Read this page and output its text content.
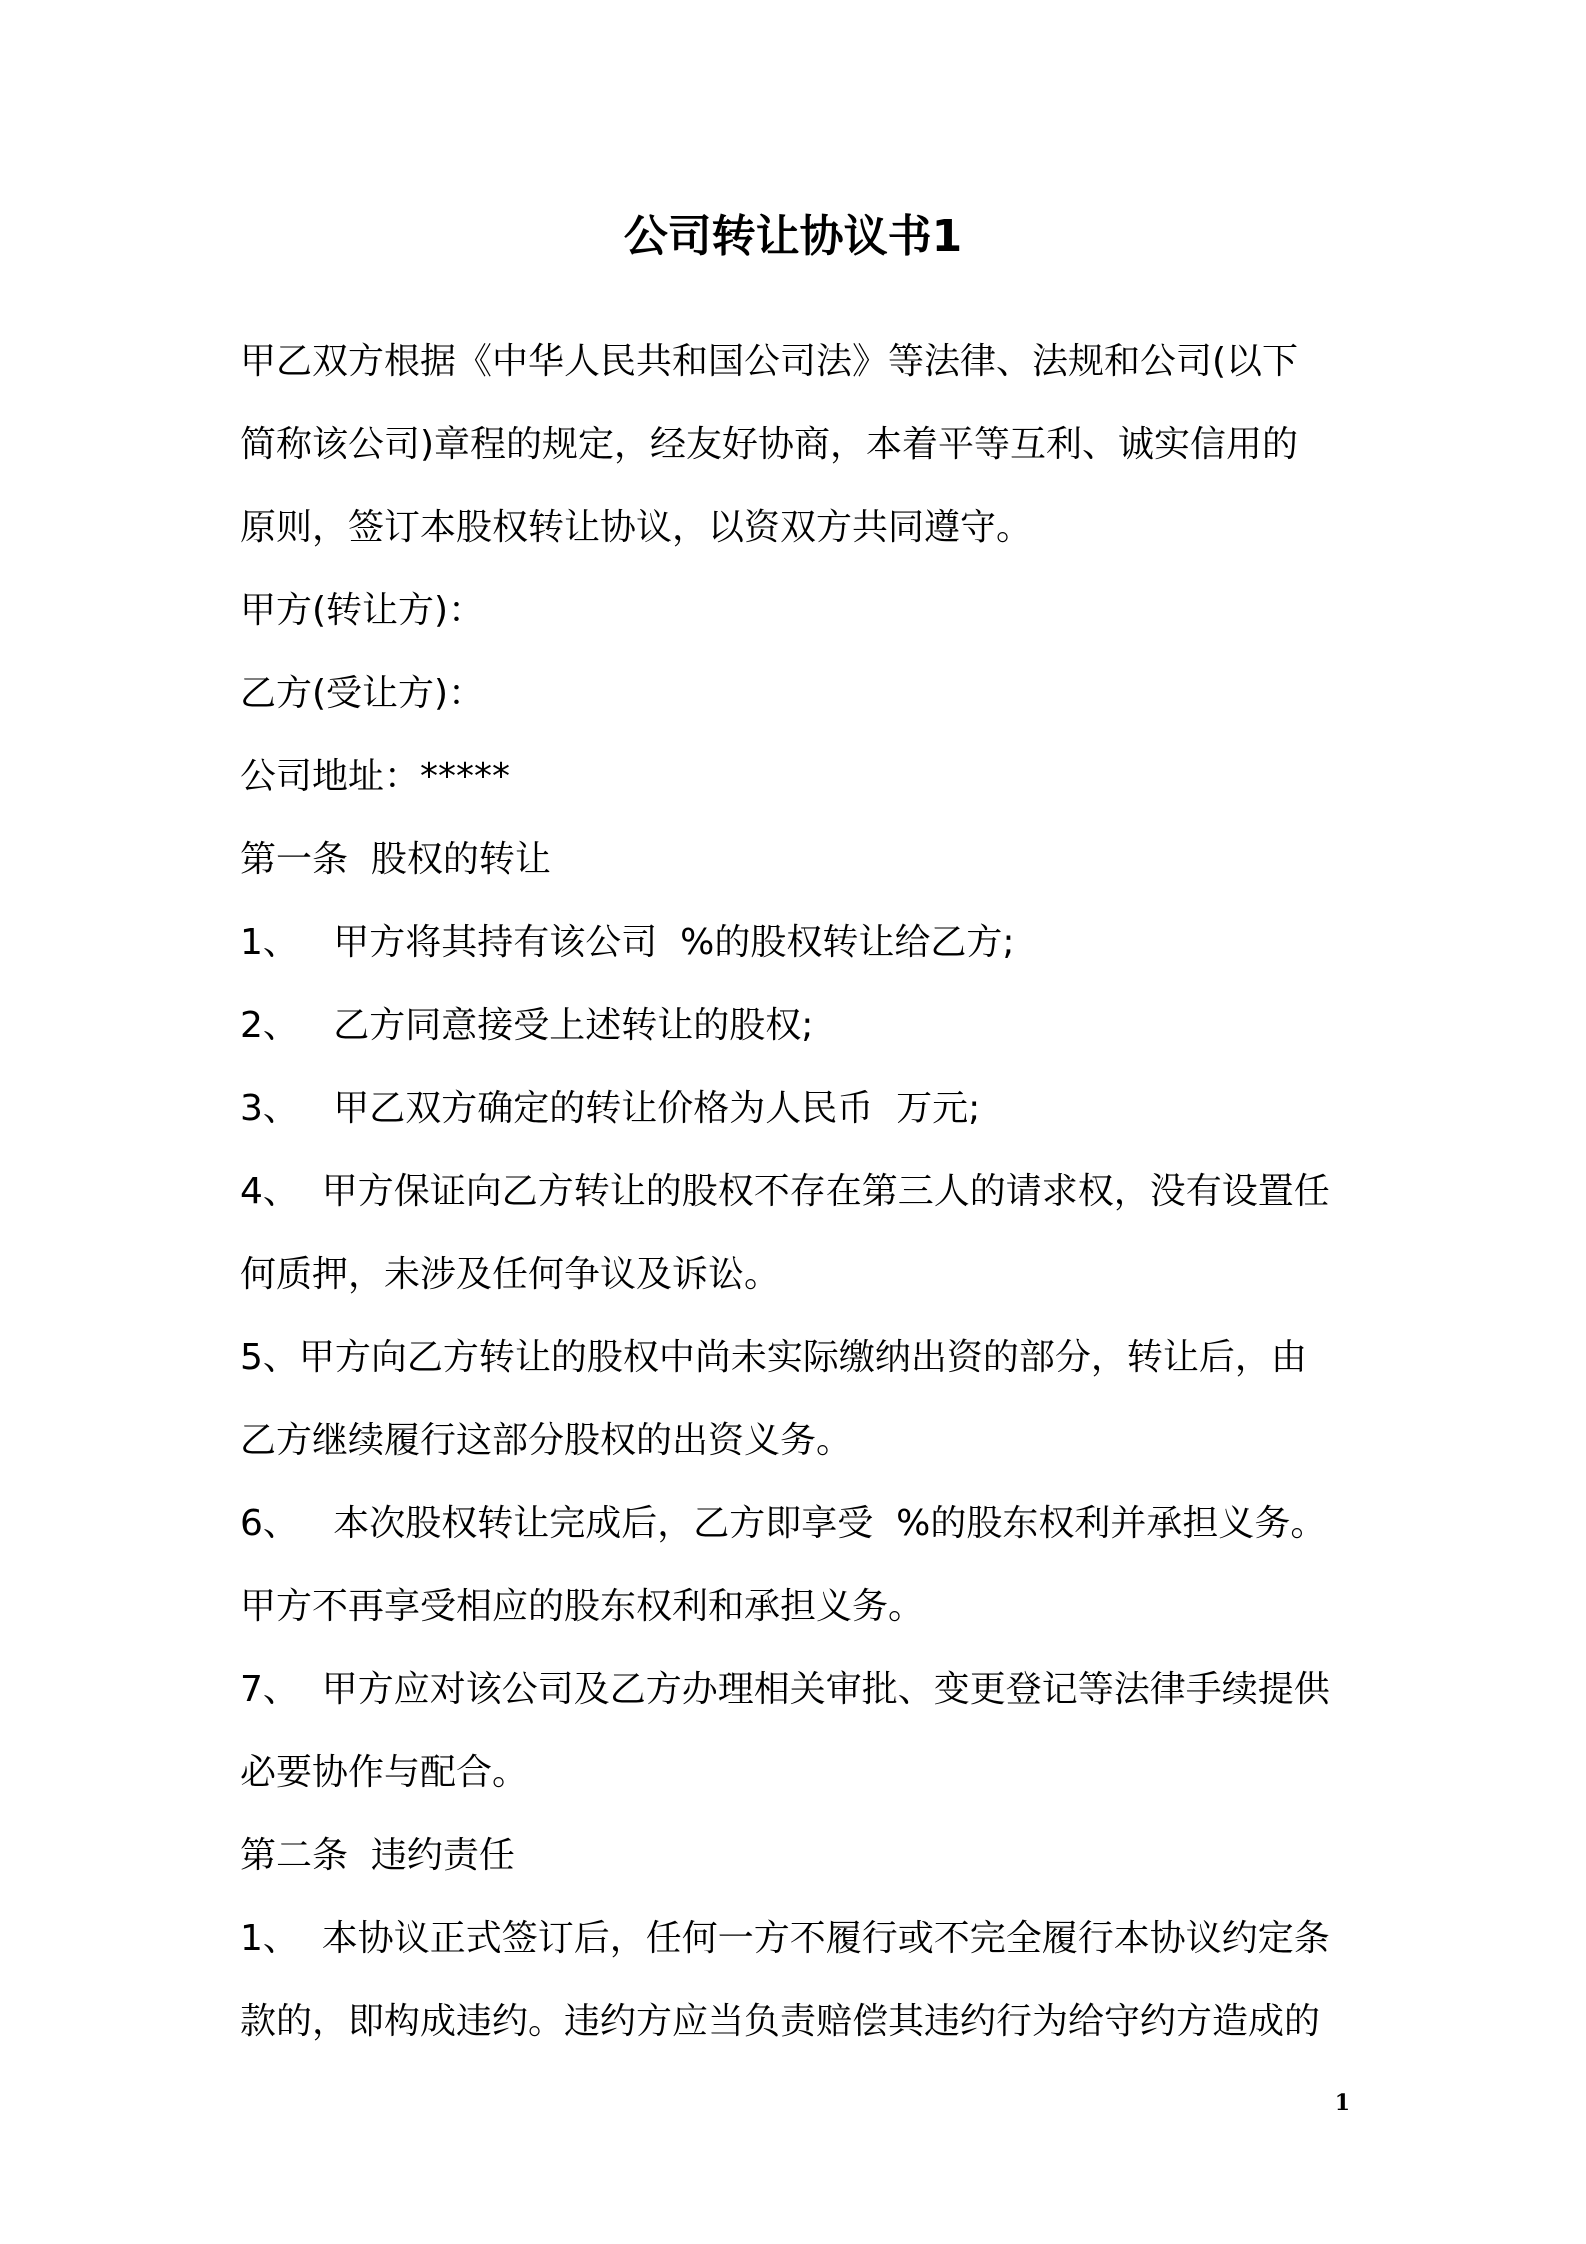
公司转让协议书1
甲乙双方根据《中华人民共和国公司法》等法律、法规和公司(以下
简称该公司)章程的规定，经友好协商，本着平等互利、诚实信用的
原则，签订本股权转让协议，以资双方共同遵守。
甲方(转让方)：
乙方(受让方)：
公司地址：*****
第一条  股权的转让
1、   甲方将其持有该公司  %的股权转让给乙方;
2、   乙方同意接受上述转让的股权;
3、   甲乙双方确定的转让价格为人民币  万元;
4、  甲方保证向乙方转让的股权不存在第三人的请求权，没有设置任
何质押，未涉及任何争议及诉讼。
5、甲方向乙方转让的股权中尚未实际缴纳出资的部分，转让后，由
乙方继续履行这部分股权的出资义务。
6、   本次股权转让完成后，乙方即享受  %的股东权利并承担义务。
甲方不再享受相应的股东权利和承担义务。
7、  甲方应对该公司及乙方办理相关审批、变更登记等法律手续提供
必要协作与配合。
第二条  违约责任
1、  本协议正式签订后，任何一方不履行或不完全履行本协议约定条
款的，即构成违约。违约方应当负责赔偿其违约行为给守约方造成的
1
